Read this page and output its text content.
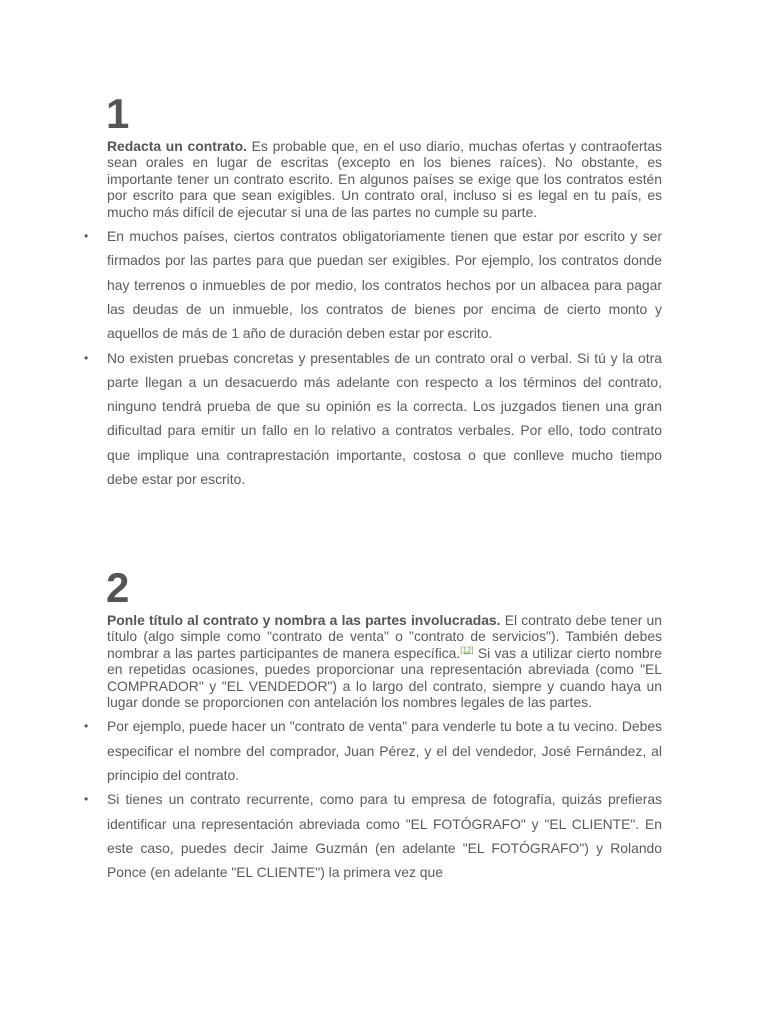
1

Redacta un contrato. Es probable que, en el uso diario, muchas ofertas y contraofertas sean orales en lugar de escritas (excepto en los bienes raíces). No obstante, es importante tener un contrato escrito. En algunos países se exige que los contratos estén por escrito para que sean exigibles. Un contrato oral, incluso si es legal en tu país, es mucho más difícil de ejecutar si una de las partes no cumple su parte.

• En muchos países, ciertos contratos obligatoriamente tienen que estar por escrito y ser firmados por las partes para que puedan ser exigibles. Por ejemplo, los contratos donde hay terrenos o inmuebles de por medio, los contratos hechos por un albacea para pagar las deudas de un inmueble, los contratos de bienes por encima de cierto monto y aquellos de más de 1 año de duración deben estar por escrito.
• No existen pruebas concretas y presentables de un contrato oral o verbal. Si tú y la otra parte llegan a un desacuerdo más adelante con respecto a los términos del contrato, ninguno tendrá prueba de que su opinión es la correcta. Los juzgados tienen una gran dificultad para emitir un fallo en lo relativo a contratos verbales. Por ello, todo contrato que implique una contraprestación importante, costosa o que conlleve mucho tiempo debe estar por escrito.
2

Ponle título al contrato y nombra a las partes involucradas. El contrato debe tener un título (algo simple como "contrato de venta" o "contrato de servicios"). También debes nombrar a las partes participantes de manera específica.[12] Si vas a utilizar cierto nombre en repetidas ocasiones, puedes proporcionar una representación abreviada (como "EL COMPRADOR" y "EL VENDEDOR") a lo largo del contrato, siempre y cuando haya un lugar donde se proporcionen con antelación los nombres legales de las partes.

• Por ejemplo, puede hacer un "contrato de venta" para venderle tu bote a tu vecino. Debes especificar el nombre del comprador, Juan Pérez, y el del vendedor, José Fernández, al principio del contrato.
• Si tienes un contrato recurrente, como para tu empresa de fotografía, quizás prefieras identificar una representación abreviada como "EL FOTÓGRAFO" y "EL CLIENTE". En este caso, puedes decir Jaime Guzmán (en adelante "EL FOTÓGRAFO") y Rolando Ponce (en adelante "EL CLIENTE") la primera vez que
